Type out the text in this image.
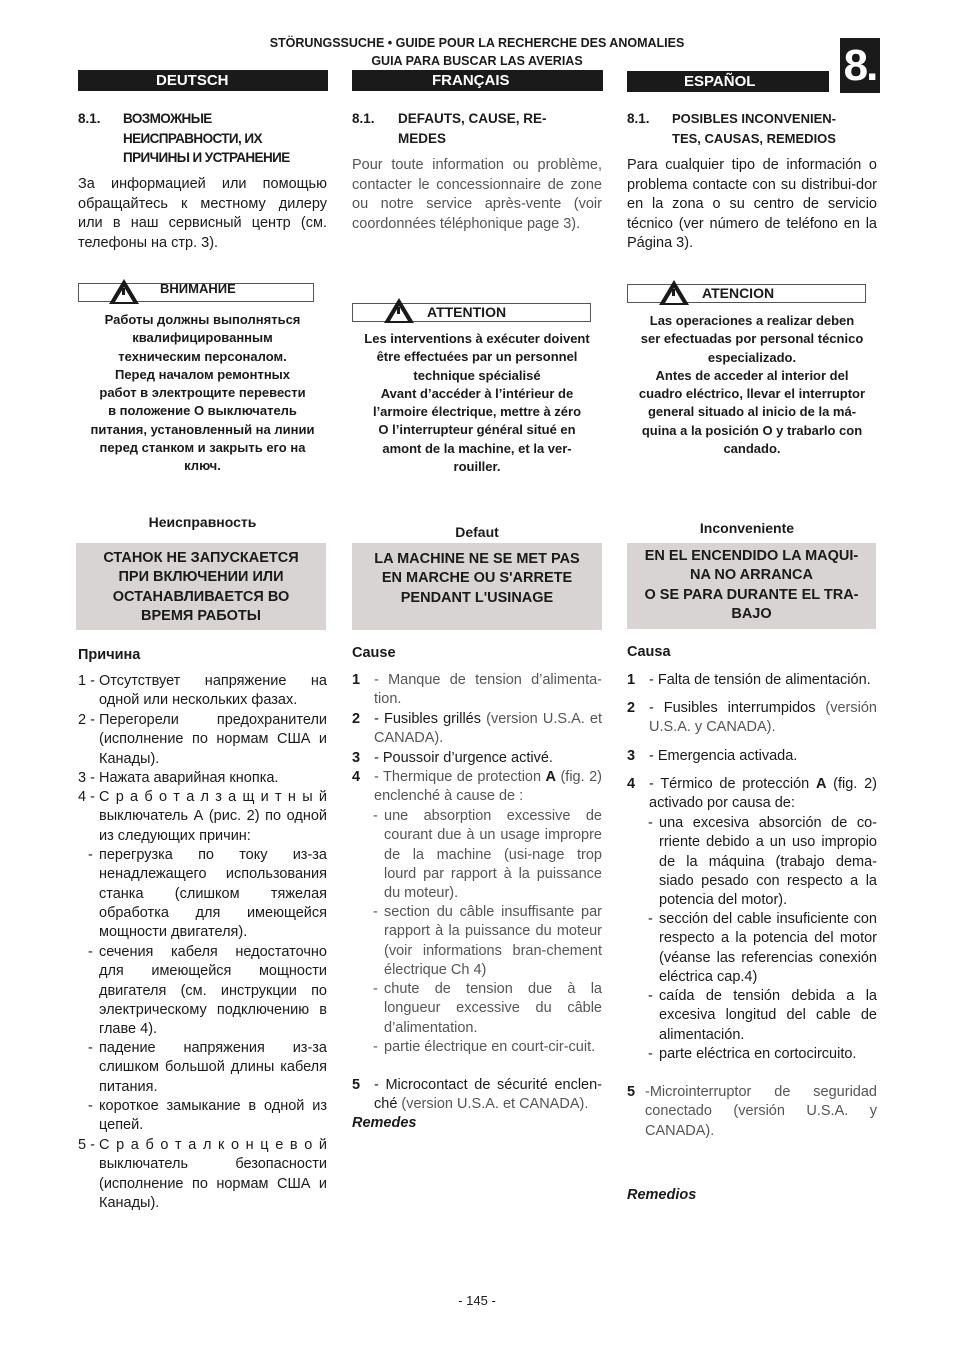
STÖRUNGSSUCHE • GUIDE POUR LA RECHERCHE DES ANOMALIES
GUIA PARA BUSCAR LAS AVERIAS	8.
DEUTSCH	FRANÇAIS	ESPAÑOL
8.1. ВОЗМОЖНЫЕ
НЕИСПРАВНОСТИ, ИХ
ПРИЧИНЫ И УСТРАНЕНИЕ
За информацией или помощью обращайтесь к местному дилеру или в наш сервисный центр (см. телефоны на стр. 3).
ВНИМАНИЕ
Работы должны выполняться
квалифицированным
техническим персоналом.
Перед началом ремонтных
работ в электрощите перевести
в положение О выключатель
питания, установленный на линии
перед станком и закрыть его на
ключ.
Неисправность
СТАНОК НЕ ЗАПУСКАЕТСЯ
ПРИ ВКЛЮЧЕНИИ ИЛИ
ОСТАНАВЛИВАЕТСЯ ВО
ВРЕМЯ РАБОТЫ
Причина
1 - Отсутствует напряжение на одной или нескольких фазах.
2 - Перегорели предохранители (исполнение по нормам США и Канады).
3 - Нажата аварийная кнопка.
4 - С р а б о т а л з а щ и т н ы й выключатель А (рис. 2) по одной из следующих причин:
- перегрузка по току из-за ненадлежащего использования станка (слишком тяжелая обработка для имеющейся мощности двигателя).
- сечения кабеля недостаточно для имеющейся мощности двигателя (см. инструкции по электрическому подключению в главе 4).
- падение напряжения из-за слишком большой длины кабеля питания.
- короткое замыкание в одной из цепей.
5 - С р а б о т а л к о н ц е в о й выключатель безопасности (исполнение по нормам США и Канады).
8.1. DEFAUTS, CAUSE, RE-
MEDES
Pour toute information ou problème, contacter le concessionnaire de zone ou notre service après-vente (voir coordonnées téléphonique page 3).
ATTENTION
Les interventions à exécuter doivent
être effectuées par un personnel
technique spécialisé
Avant d’accéder à l’intérieur de
l’armoire électrique, mettre à zéro
O l’interrupteur général situé en
amont de la machine, et la ver-
rouiller.
Defaut
LA MACHINE NE SE MET PAS
EN MARCHE OU S'ARRETE
PENDANT L'USINAGE
Cause
1 - Manque de tension d’alimenta-tion.
2 - Fusibles grillés (version U.S.A. et CANADA).
3 - Poussoir d’urgence activé.
4 - Thermique de protection A (fig. 2) enclenché à cause de :
- une absorption excessive de courant due à un usage impropre de la machine (usi-nage trop lourd par rapport à la puissance du moteur).
- section du câble insuffisante par rapport à la puissance du moteur (voir informations bran-chement électrique Ch 4)
- chute de tension due à la longueur excessive du câble d’alimentation.
- partie électrique en court-cir-cuit.
5 - Microcontact de sécurité enclen-ché (version U.S.A. et CANADA).
Remedes
8.1. POSIBLES INCONVENIEN-
TES, CAUSAS, REMEDIOS
Para cualquier tipo de información o problema contacte con su distribui-dor en la zona o su centro de servicio técnico (ver número de teléfono en la Página 3).
ATENCION
Las operaciones a realizar deben
ser efectuadas por personal técnico
especializado.
Antes de acceder al interior del
cuadro eléctrico, llevar el interruptor
general situado al inicio de la má-
quina a la posición O y trabarlo con
candado.
Inconveniente
EN EL ENCENDIDO LA MAQUI-
NA NO ARRANCA
O SE PARA DURANTE EL TRA-
BAJO
Causa
1 - Falta de tensión de alimentación.
2 - Fusibles interrumpidos (versión U.S.A. y CANADA).
3 - Emergencia activada.
4 - Térmico de protección A (fig. 2) activado por causa de:
- una excesiva absorción de co-rriente debido a un uso impropio de la máquina (trabajo dema-siado pesado con respecto a la potencia del motor).
- sección del cable insuficiente con respecto a la potencia del motor (véanse las referencias conexión eléctrica cap.4)
- caída de tensión debida a la excesiva longitud del cable de alimentación.
- parte eléctrica en cortocircuito.
5 -Microinterruptor de seguridad conectado (versión U.S.A. y CANADA).
Remedios
- 145 -
